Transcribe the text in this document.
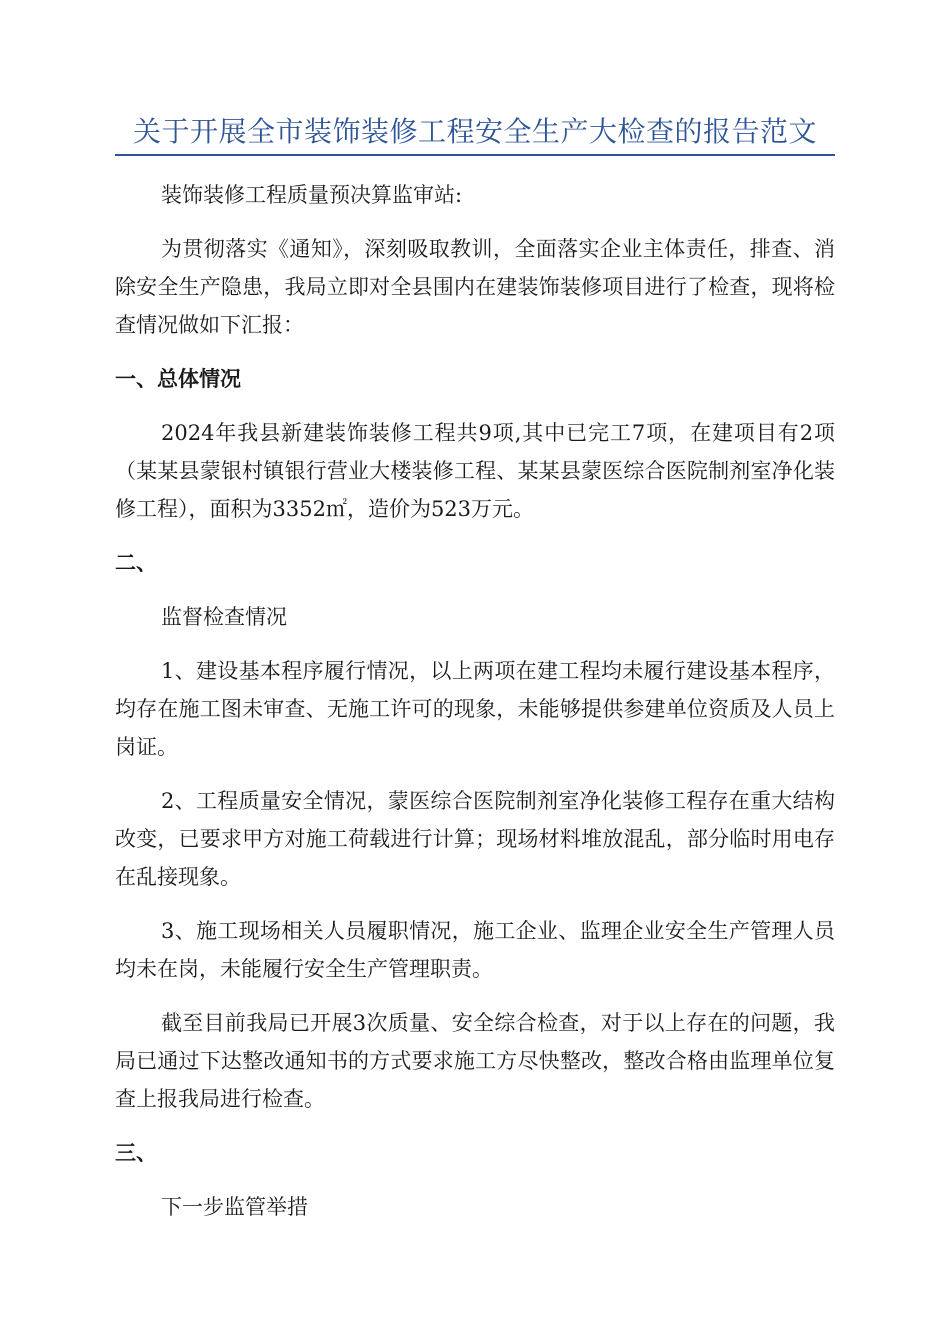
关于开展全市装饰装修工程安全生产大检查的报告范文

装饰装修工程质量预决算监审站:

为贯彻落实《通知》，深刻吸取教训，全面落实企业主体责任，排查、消除安全生产隐患，我局立即对全县围内在建装饰装修项目进行了检查，现将检查情况做如下汇报：

一、总体情况

2024年我县新建装饰装修工程共9项,其中已完工7项，在建项目有2项（某某县蒙银村镇银行营业大楼装修工程、某某县蒙医综合医院制剂室净化装修工程），面积为3352㎡，造价为523万元。

二、

监督检查情况

1、建设基本程序履行情况，以上两项在建工程均未履行建设基本程序，均存在施工图未审查、无施工许可的现象，未能够提供参建单位资质及人员上岗证。

2、工程质量安全情况，蒙医综合医院制剂室净化装修工程存在重大结构改变，已要求甲方对施工荷载进行计算；现场材料堆放混乱，部分临时用电存在乱接现象。

3、施工现场相关人员履职情况，施工企业、监理企业安全生产管理人员均未在岗，未能履行安全生产管理职责。

截至目前我局已开展3次质量、安全综合检查，对于以上存在的问题，我局已通过下达整改通知书的方式要求施工方尽快整改，整改合格由监理单位复查上报我局进行检查。

三、

下一步监管举措
